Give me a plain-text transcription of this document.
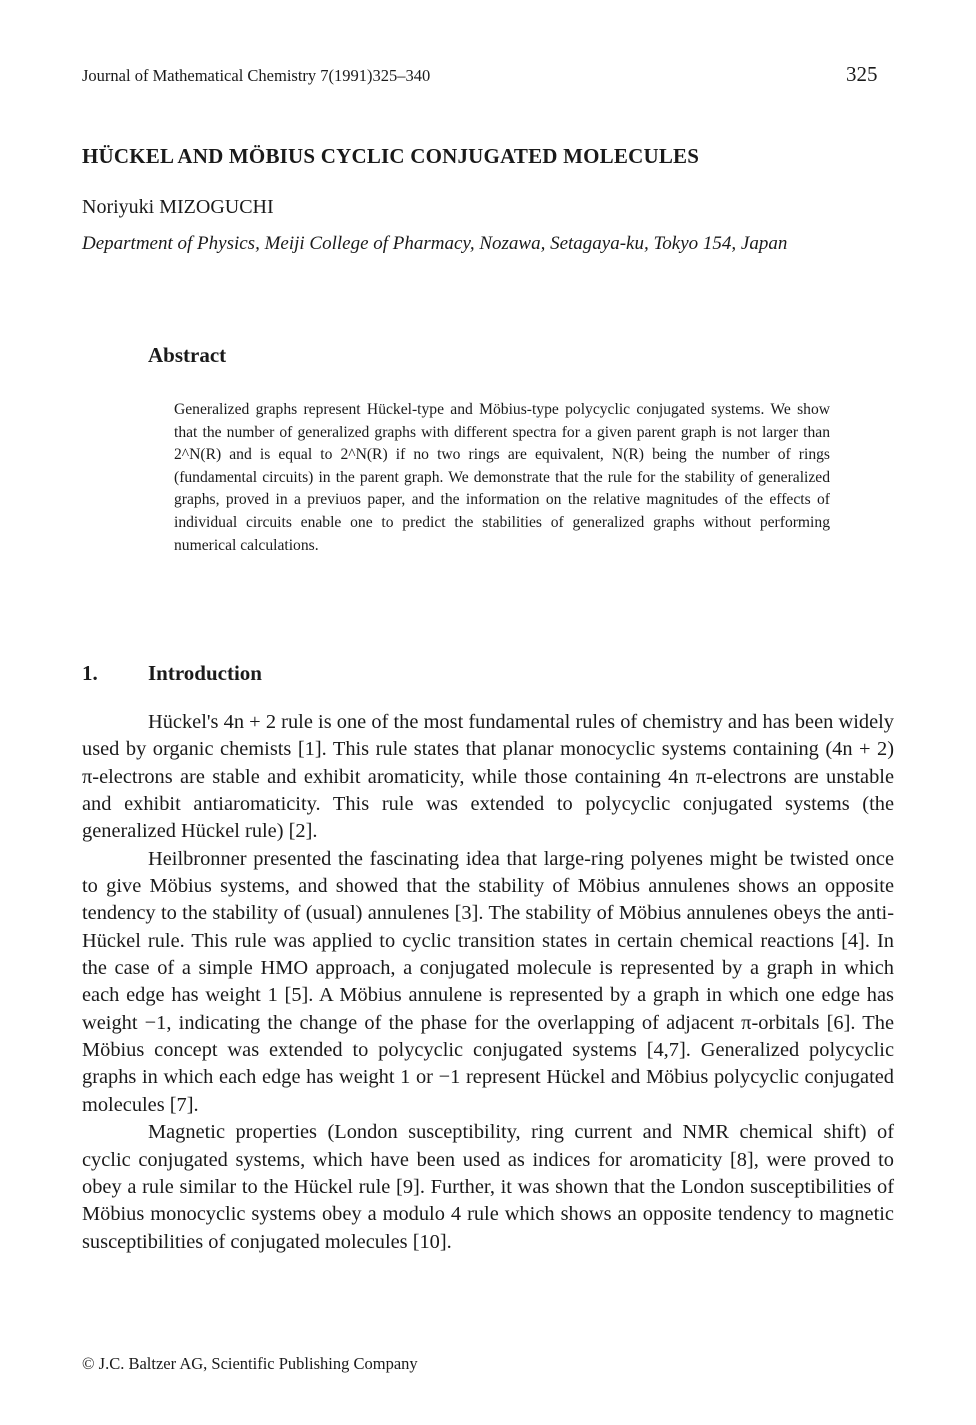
Journal of Mathematical Chemistry 7(1991)325–340	325
HÜCKEL AND MÖBIUS CYCLIC CONJUGATED MOLECULES
Noriyuki MIZOGUCHI
Department of Physics, Meiji College of Pharmacy, Nozawa, Setagaya-ku, Tokyo 154, Japan
Abstract
Generalized graphs represent Hückel-type and Möbius-type polycyclic conjugated systems. We show that the number of generalized graphs with different spectra for a given parent graph is not larger than 2^N(R) and is equal to 2^N(R) if no two rings are equivalent, N(R) being the number of rings (fundamental circuits) in the parent graph. We demonstrate that the rule for the stability of generalized graphs, proved in a previuos paper, and the information on the relative magnitudes of the effects of individual circuits enable one to predict the stabilities of generalized graphs without performing numerical calculations.
1. Introduction

Hückel's 4n + 2 rule is one of the most fundamental rules of chemistry and has been widely used by organic chemists [1]. This rule states that planar monocyclic systems containing (4n + 2) π-electrons are stable and exhibit aromaticity, while those containing 4n π-electrons are unstable and exhibit antiaromaticity. This rule was extended to polycyclic conjugated systems (the generalized Hückel rule) [2].

Heilbronner presented the fascinating idea that large-ring polyenes might be twisted once to give Möbius systems, and showed that the stability of Möbius annulenes shows an opposite tendency to the stability of (usual) annulenes [3]. The stability of Möbius annulenes obeys the anti-Hückel rule. This rule was applied to cyclic transition states in certain chemical reactions [4]. In the case of a simple HMO approach, a conjugated molecule is represented by a graph in which each edge has weight 1 [5]. A Möbius annulene is represented by a graph in which one edge has weight −1, indicating the change of the phase for the overlapping of adjacent π-orbitals [6]. The Möbius concept was extended to polycyclic conjugated systems [4,7]. Generalized polycyclic graphs in which each edge has weight 1 or −1 represent Hückel and Möbius polycyclic conjugated molecules [7].

Magnetic properties (London susceptibility, ring current and NMR chemical shift) of cyclic conjugated systems, which have been used as indices for aromaticity [8], were proved to obey a rule similar to the Hückel rule [9]. Further, it was shown that the London susceptibilities of Möbius monocyclic systems obey a modulo 4 rule which shows an opposite tendency to magnetic susceptibilities of conjugated molecules [10].

© J.C. Baltzer AG, Scientific Publishing Company
